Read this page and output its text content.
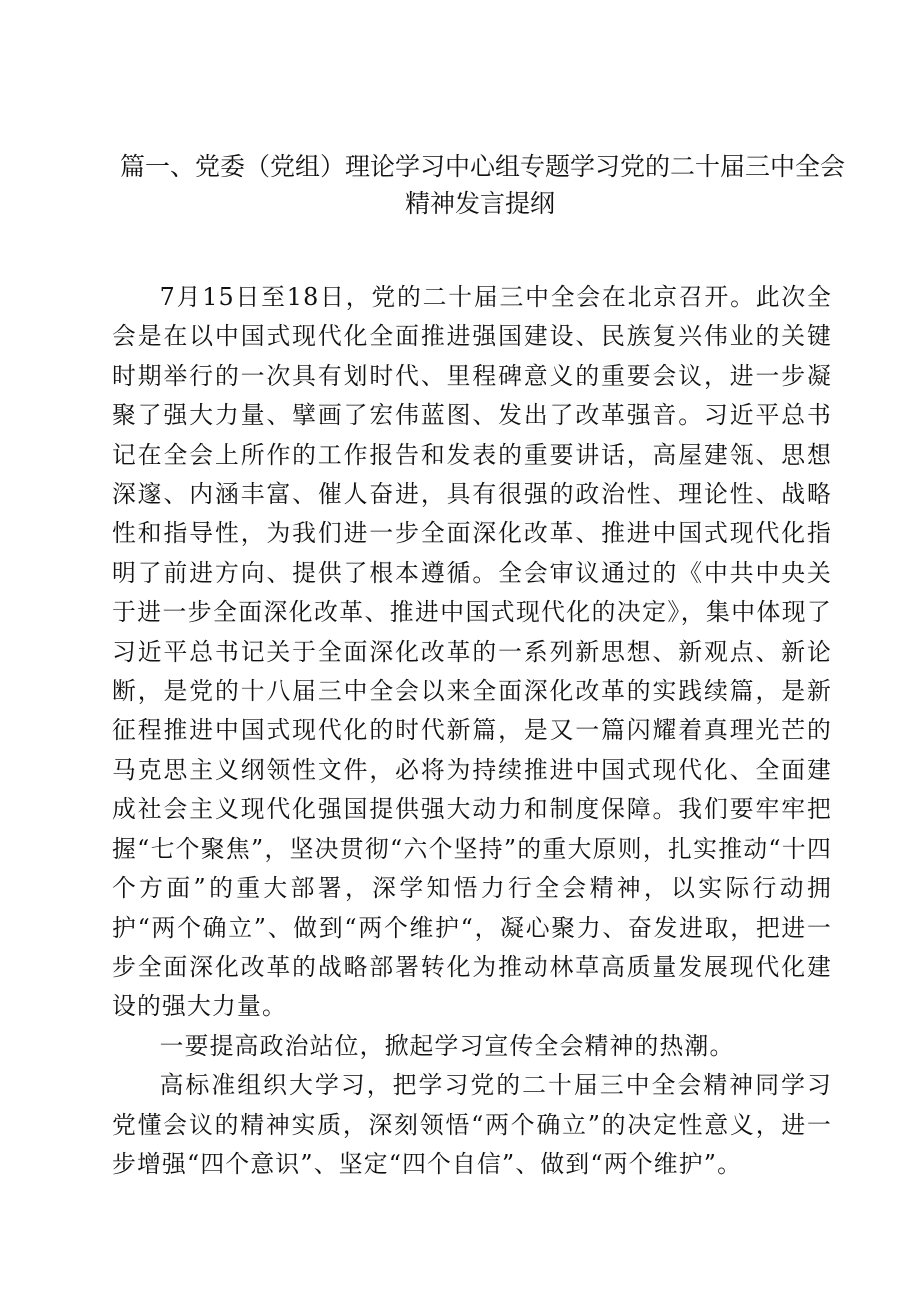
篇一、党委（党组）理论学习中心组专题学习党的二十届三中全会
精神发言提纲

7月15日至18日，党的二十届三中全会在北京召开。此次全会是在以中国式现代化全面推进强国建设、民族复兴伟业的关键时期举行的一次具有划时代、里程碑意义的重要会议，进一步凝聚了强大力量、擘画了宏伟蓝图、发出了改革强音。习近平总书记在全会上所作的工作报告和发表的重要讲话，高屋建瓴、思想深邃、内涵丰富、催人奋进，具有很强的政治性、理论性、战略性和指导性，为我们进一步全面深化改革、推进中国式现代化指明了前进方向、提供了根本遵循。全会审议通过的《中共中央关于进一步全面深化改革、推进中国式现代化的决定》，集中体现了习近平总书记关于全面深化改革的一系列新思想、新观点、新论断，是党的十八届三中全会以来全面深化改革的实践续篇，是新征程推进中国式现代化的时代新篇，是又一篇闪耀着真理光芒的马克思主义纲领性文件，必将为持续推进中国式现代化、全面建成社会主义现代化强国提供强大动力和制度保障。我们要牢牢把握“七个聚焦”，坚决贯彻“六个坚持”的重大原则，扎实推动“十四个方面”的重大部署，深学知悟力行全会精神，以实际行动拥护“两个确立”、做到“两个维护“，凝心聚力、奋发进取，把进一步全面深化改革的战略部署转化为推动林草高质量发展现代化建设的强大力量。

一要提高政治站位，掀起学习宣传全会精神的热潮。

高标准组织大学习，把学习党的二十届三中全会精神同学习党懂会议的精神实质，深刻领悟“两个确立”的决定性意义，进一步增强“四个意识”、坚定“四个自信”、做到“两个维护”。
